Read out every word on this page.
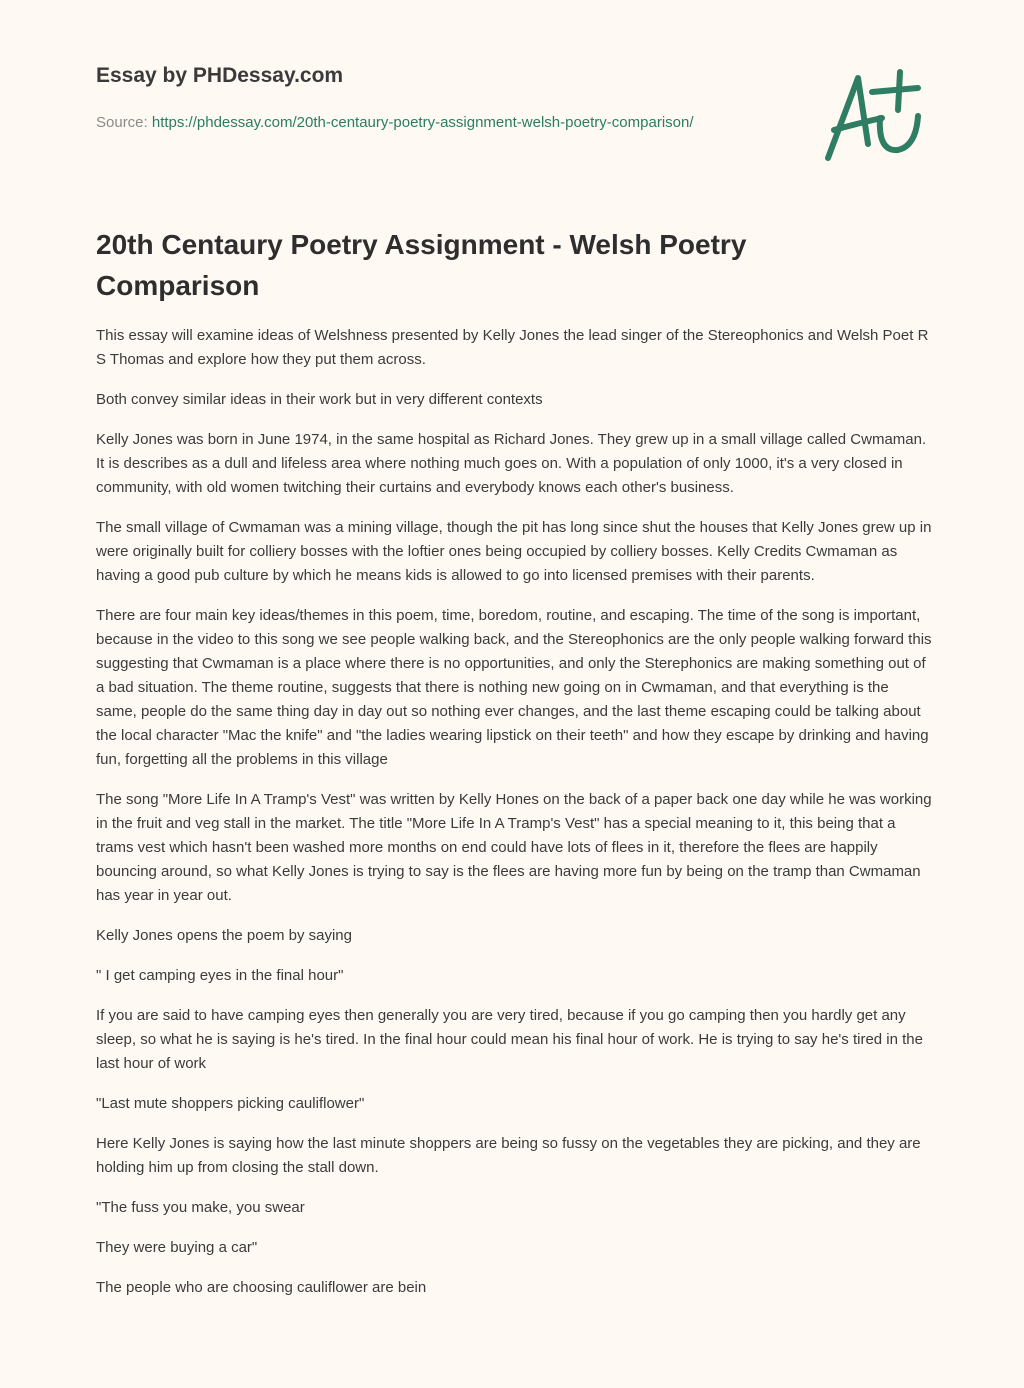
Essay by PHDessay.com
Source: https://phdessay.com/20th-centaury-poetry-assignment-welsh-poetry-comparison/
20th Centaury Poetry Assignment - Welsh Poetry Comparison

This essay will examine ideas of Welshness presented by Kelly Jones the lead singer of the Stereophonics and Welsh Poet R S Thomas and explore how they put them across.

Both convey similar ideas in their work but in very different contexts

Kelly Jones was born in June 1974, in the same hospital as Richard Jones. They grew up in a small village called Cwmaman. It is describes as a dull and lifeless area where nothing much goes on. With a population of only 1000, it's a very closed in community, with old women twitching their curtains and everybody knows each other's business.

The small village of Cwmaman was a mining village, though the pit has long since shut the houses that Kelly Jones grew up in were originally built for colliery bosses with the loftier ones being occupied by colliery bosses. Kelly Credits Cwmaman as having a good pub culture by which he means kids is allowed to go into licensed premises with their parents.

There are four main key ideas/themes in this poem, time, boredom, routine, and escaping. The time of the song is important, because in the video to this song we see people walking back, and the Stereophonics are the only people walking forward this suggesting that Cwmaman is a place where there is no opportunities, and only the Sterephonics are making something out of a bad situation. The theme routine, suggests that there is nothing new going on in Cwmaman, and that everything is the same, people do the same thing day in day out so nothing ever changes, and the last theme escaping could be talking about the local character "Mac the knife" and "the ladies wearing lipstick on their teeth" and how they escape by drinking and having fun, forgetting all the problems in this village

The song "More Life In A Tramp's Vest" was written by Kelly Hones on the back of a paper back one day while he was working in the fruit and veg stall in the market. The title "More Life In A Tramp's Vest" has a special meaning to it, this being that a trams vest which hasn't been washed more months on end could have lots of flees in it, therefore the flees are happily bouncing around, so what Kelly Jones is trying to say is the flees are having more fun by being on the tramp than Cwmaman has year in year out.

Kelly Jones opens the poem by saying

" I get camping eyes in the final hour"

If you are said to have camping eyes then generally you are very tired, because if you go camping then you hardly get any sleep, so what he is saying is he's tired. In the final hour could mean his final hour of work. He is trying to say he's tired in the last hour of work

"Last mute shoppers picking cauliflower"

Here Kelly Jones is saying how the last minute shoppers are being so fussy on the vegetables they are picking, and they are holding him up from closing the stall down.

"The fuss you make, you swear

They were buying a car"

The people who are choosing cauliflower are bein
